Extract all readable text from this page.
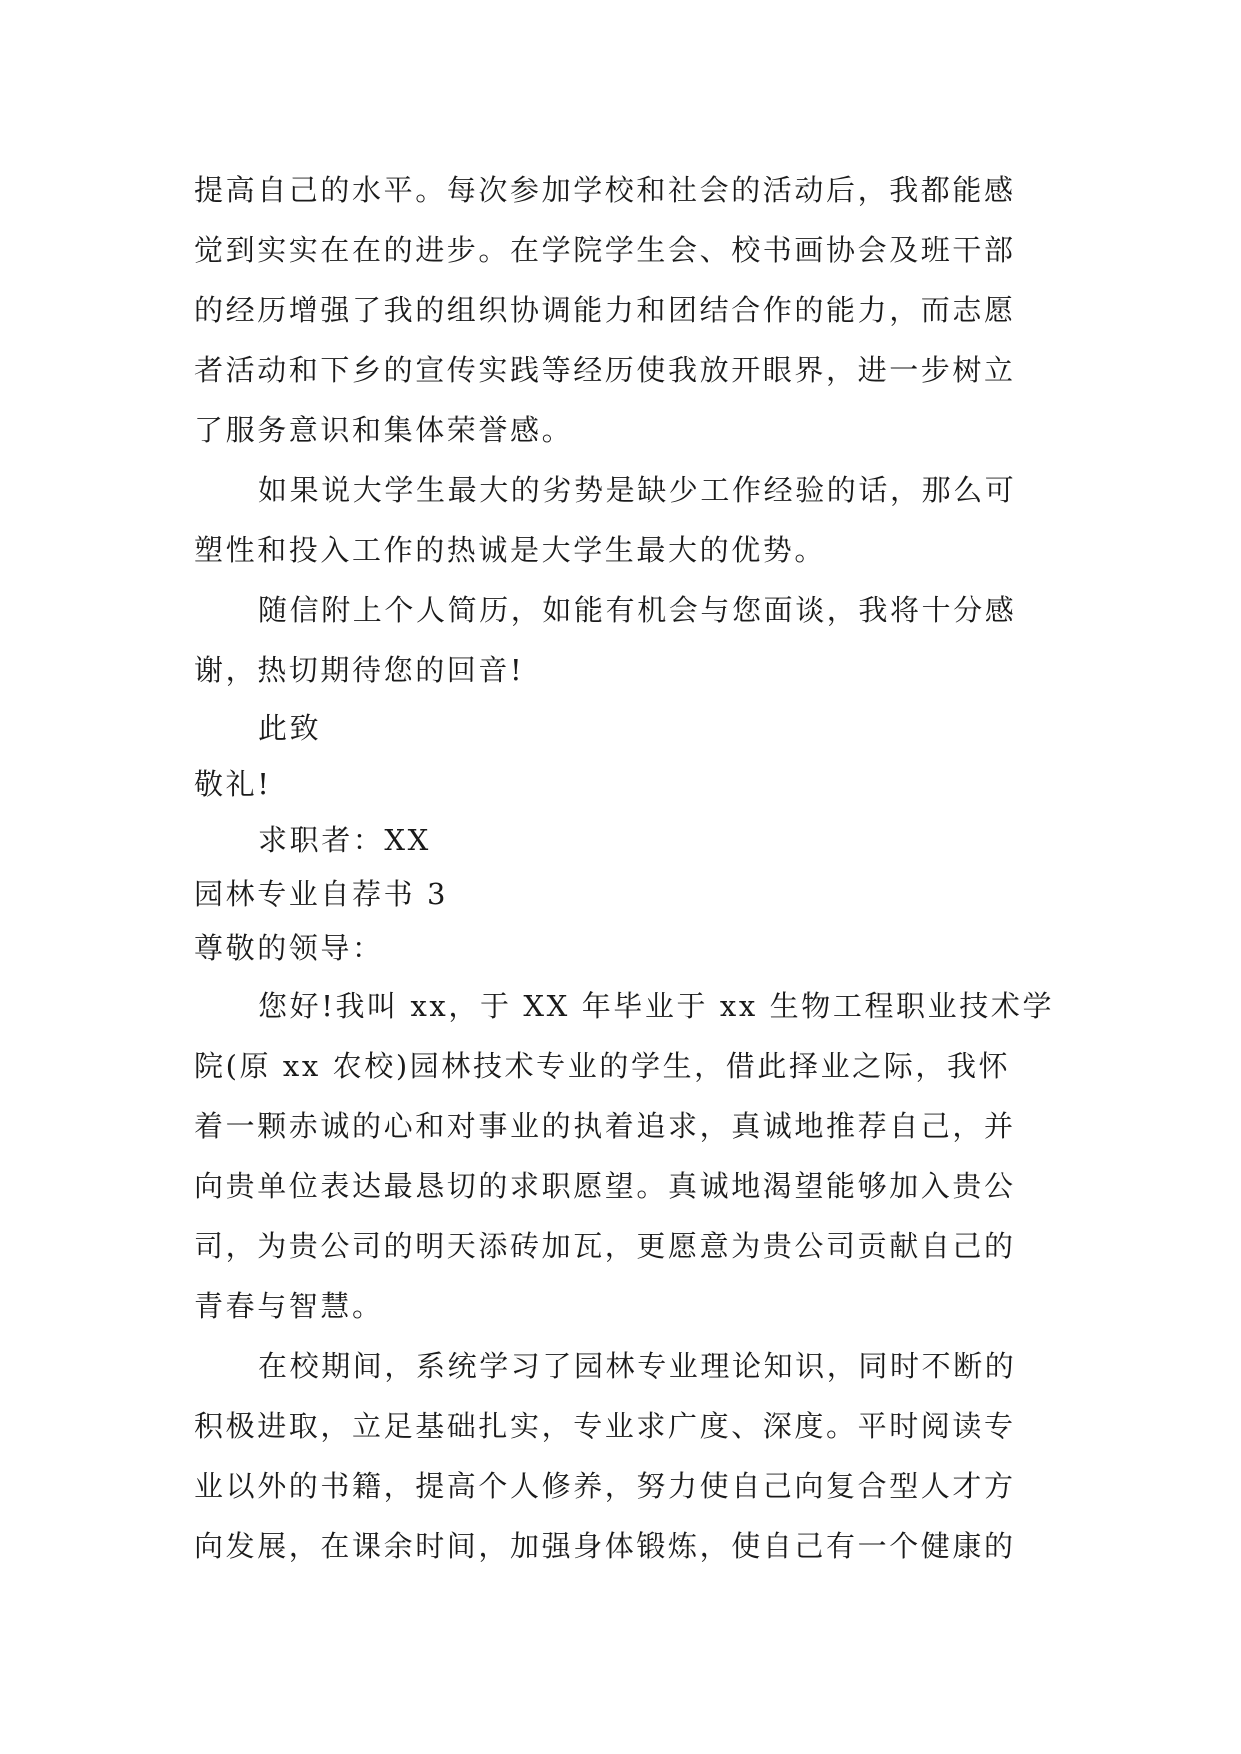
提高自己的水平。每次参加学校和社会的活动后，我都能感
觉到实实在在的进步。在学院学生会、校书画协会及班干部
的经历增强了我的组织协调能力和团结合作的能力，而志愿
者活动和下乡的宣传实践等经历使我放开眼界，进一步树立
了服务意识和集体荣誉感。
如果说大学生最大的劣势是缺少工作经验的话，那么可
塑性和投入工作的热诚是大学生最大的优势。
随信附上个人简历，如能有机会与您面谈，我将十分感
谢，热切期待您的回音!
此致
敬礼!
求职者：XX
园林专业自荐书 3
尊敬的领导：
您好!我叫 xx，于 XX 年毕业于 xx 生物工程职业技术学
院(原 xx 农校)园林技术专业的学生，借此择业之际，我怀
着一颗赤诚的心和对事业的执着追求，真诚地推荐自己，并
向贵单位表达最恳切的求职愿望。真诚地渴望能够加入贵公
司，为贵公司的明天添砖加瓦，更愿意为贵公司贡献自己的
青春与智慧。
在校期间，系统学习了园林专业理论知识，同时不断的
积极进取，立足基础扎实，专业求广度、深度。平时阅读专
业以外的书籍，提高个人修养，努力使自己向复合型人才方
向发展，在课余时间，加强身体锻炼，使自己有一个健康的
